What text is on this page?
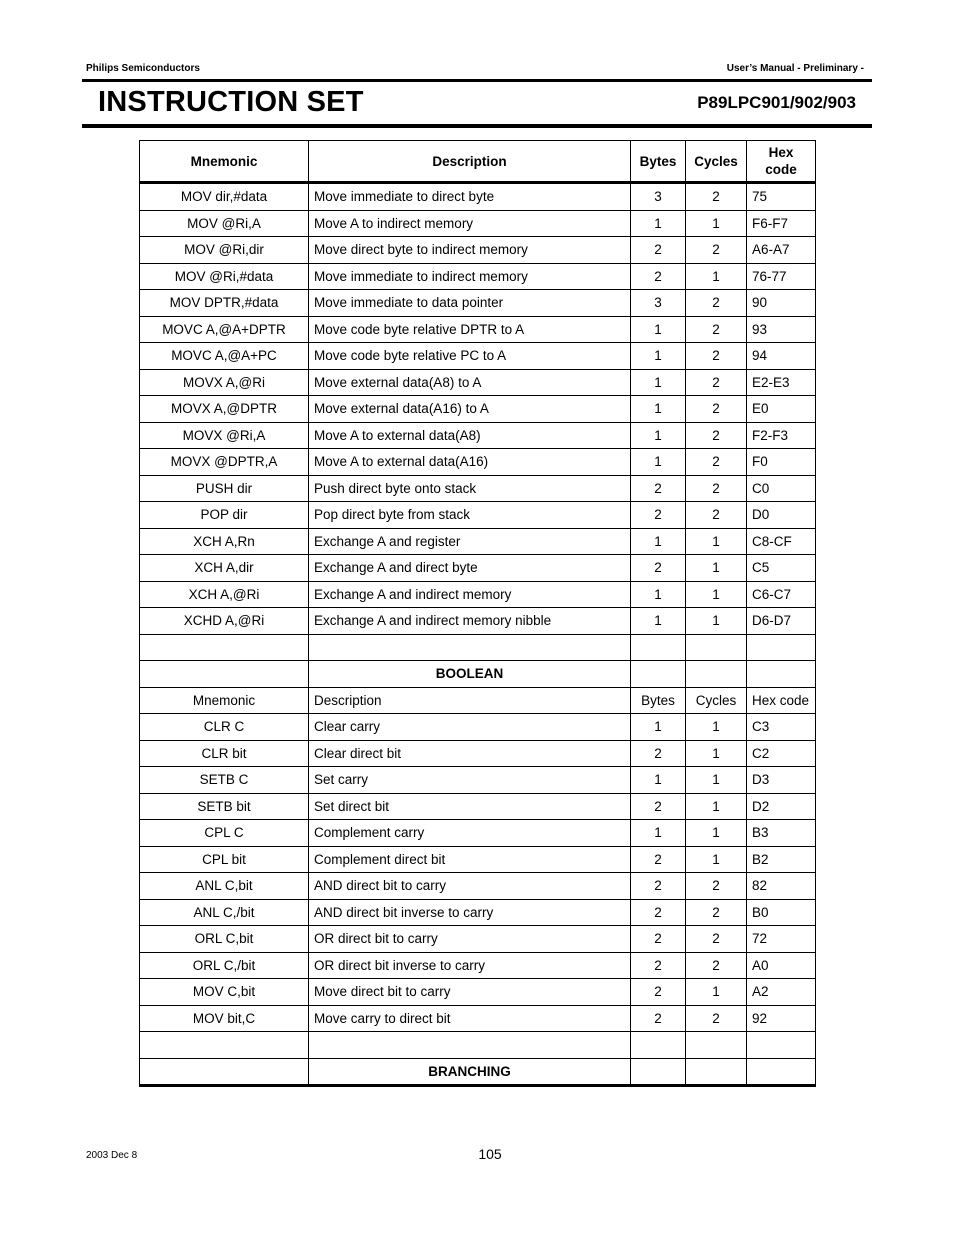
Philips Semiconductors	User’s Manual - Preliminary -
INSTRUCTION SET	P89LPC901/902/903
Mnemonic	Description	Bytes	Cycles	Hex code
MOV dir,#data	Move immediate to direct byte	3	2	75
MOV @Ri,A	Move A to indirect memory	1	1	F6-F7
MOV @Ri,dir	Move direct byte to indirect memory	2	2	A6-A7
MOV @Ri,#data	Move immediate to indirect memory	2	1	76-77
MOV DPTR,#data	Move immediate to data pointer	3	2	90
MOVC A,@A+DPTR	Move code byte relative DPTR to A	1	2	93
MOVC A,@A+PC	Move code byte relative PC to A	1	2	94
MOVX A,@Ri	Move external data(A8) to A	1	2	E2-E3
MOVX A,@DPTR	Move external data(A16) to A	1	2	E0
MOVX @Ri,A	Move A to external data(A8)	1	2	F2-F3
MOVX @DPTR,A	Move A to external data(A16)	1	2	F0
PUSH dir	Push direct byte onto stack	2	2	C0
POP dir	Pop direct byte from stack	2	2	D0
XCH A,Rn	Exchange A and register	1	1	C8-CF
XCH A,dir	Exchange A and direct byte	2	1	C5
XCH A,@Ri	Exchange A and indirect memory	1	1	C6-C7
XCHD A,@Ri	Exchange A and indirect memory nibble	1	1	D6-D7

	BOOLEAN			
Mnemonic	Description	Bytes	Cycles	Hex code
CLR C	Clear carry	1	1	C3
CLR bit	Clear direct bit	2	1	C2
SETB C	Set carry	1	1	D3
SETB bit	Set direct bit	2	1	D2
CPL C	Complement carry	1	1	B3
CPL bit	Complement direct bit	2	1	B2
ANL C,bit	AND direct bit to carry	2	2	82
ANL C,/bit	AND direct bit inverse to carry	2	2	B0
ORL C,bit	OR direct bit to carry	2	2	72
ORL C,/bit	OR direct bit inverse to carry	2	2	A0
MOV C,bit	Move direct bit to carry	2	1	A2
MOV bit,C	Move carry to direct bit	2	2	92

	BRANCHING			
2003 Dec 8	105
